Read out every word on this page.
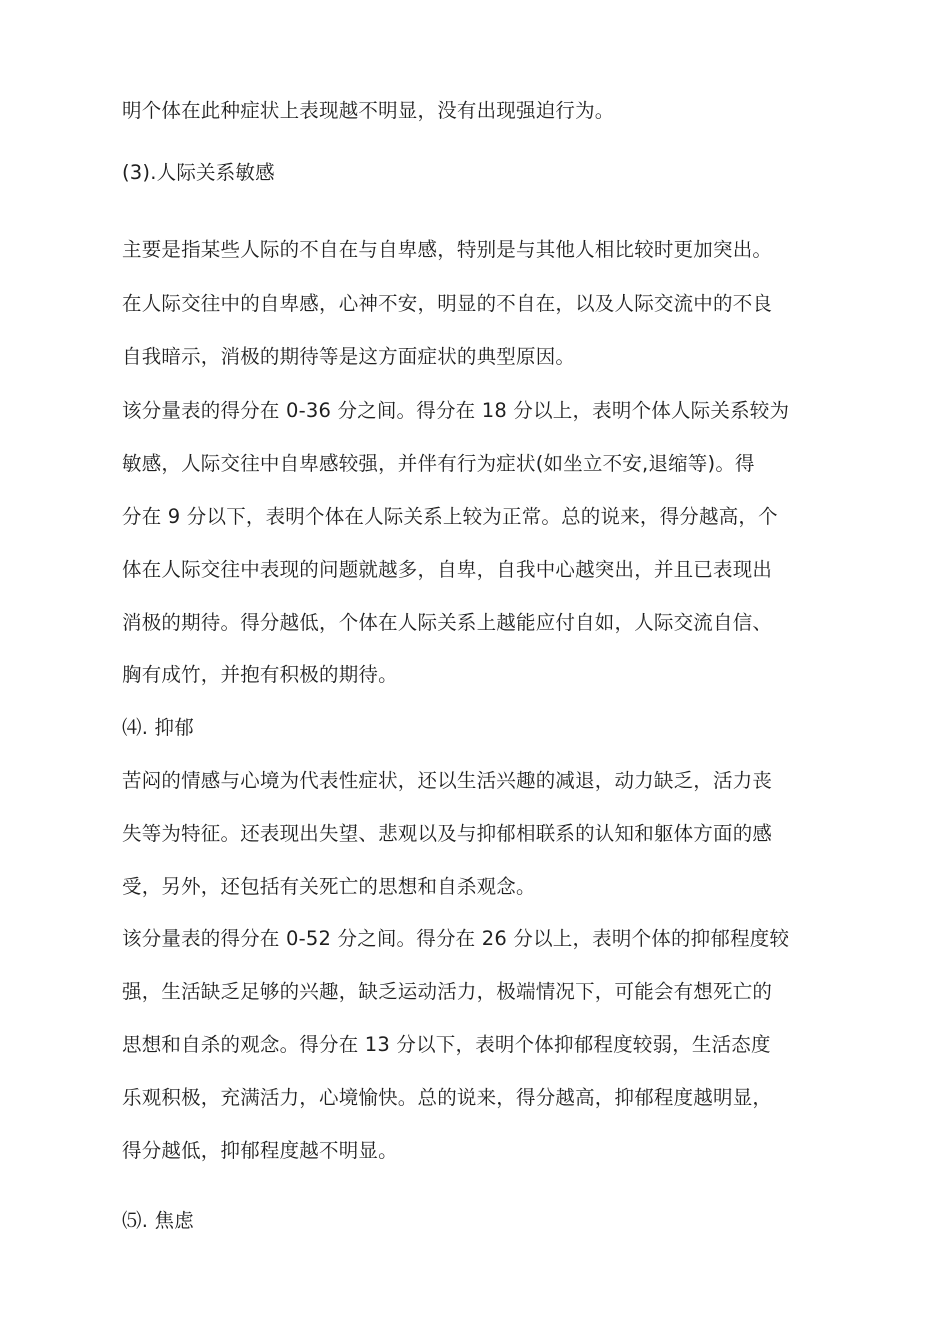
明个体在此种症状上表现越不明显，没有出现强迫行为。
(3).人际关系敏感
主要是指某些人际的不自在与自卑感，特别是与其他人相比较时更加突出。
在人际交往中的自卑感，心神不安，明显的不自在，以及人际交流中的不良
自我暗示，消极的期待等是这方面症状的典型原因。
该分量表的得分在 0-36 分之间。得分在 18 分以上，表明个体人际关系较为
敏感，人际交往中自卑感较强，并伴有行为症状(如坐立不安,退缩等)。得
分在 9 分以下，表明个体在人际关系上较为正常。总的说来，得分越高，个
体在人际交往中表现的问题就越多，自卑，自我中心越突出，并且已表现出
消极的期待。得分越低，个体在人际关系上越能应付自如，人际交流自信、
胸有成竹，并抱有积极的期待。
⑷. 抑郁
苦闷的情感与心境为代表性症状，还以生活兴趣的减退，动力缺乏，活力丧
失等为特征。还表现出失望、悲观以及与抑郁相联系的认知和躯体方面的感
受，另外，还包括有关死亡的思想和自杀观念。
该分量表的得分在 0-52 分之间。得分在 26 分以上，表明个体的抑郁程度较
强，生活缺乏足够的兴趣，缺乏运动活力，极端情况下，可能会有想死亡的
思想和自杀的观念。得分在 13 分以下，表明个体抑郁程度较弱，生活态度
乐观积极，充满活力，心境愉快。总的说来，得分越高，抑郁程度越明显，
得分越低，抑郁程度越不明显。
⑸. 焦虑
